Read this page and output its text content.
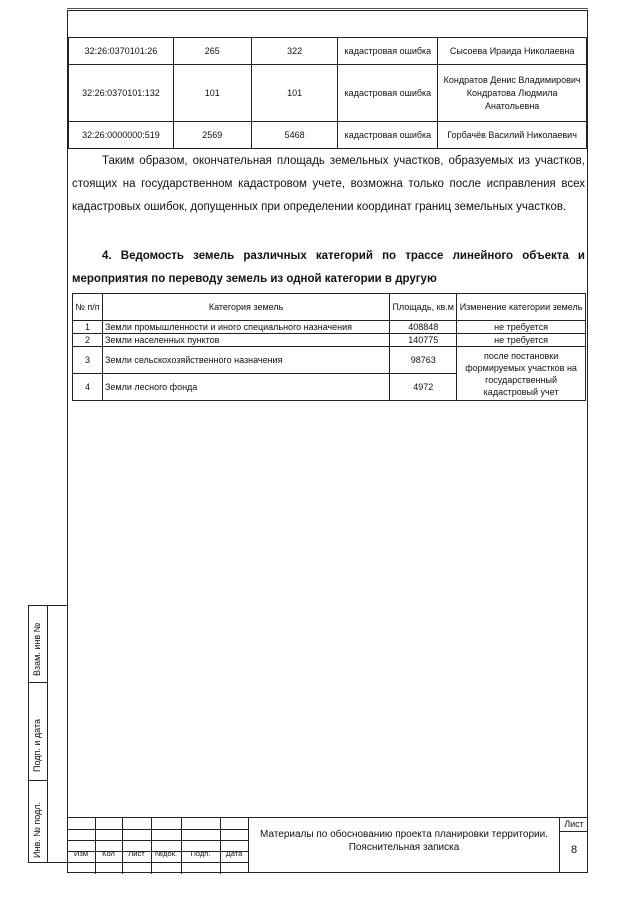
32:26:0370101:26	265	322	кадастровая ошибка	Сысоева Ираида Николаевна
32:26:0370101:132	101	101	кадастровая ошибка	Кондратов Денис Владимирович Кондратова Людмила Анатольевна
32:26:0000000:519	2569	5468	кадастровая ошибка	Горбачёв Василий Николаевич
Таким образом, окончательная площадь земельных участков, образуемых из участков, стоящих на государственном кадастровом учете, возможна только после исправления всех кадастровых ошибок, допущенных при определении координат границ земельных участков.
4. Ведомость земель различных категорий по трассе линейного объекта и мероприятия по переводу земель из одной категории в другую
№ п/п	Категория земель	Площадь, кв.м	Изменение категории земель
1	Земли промышленности и иного специального назначения	408848	не требуется
2	Земли населенных пунктов	140775	не требуется
3	Земли сельскохозяйственного назначения	98763	после постановки формируемых участков на государственный кадастровый учет
4	Земли лесного фонда	4972	
Взам. инв №
Подп. и дата
Инв. № подл.	Изм	Кол	Лист	№док.	Подп.	Дата
Материалы по обоснованию проекта планировки территории. Пояснительная записка
Лист
8
